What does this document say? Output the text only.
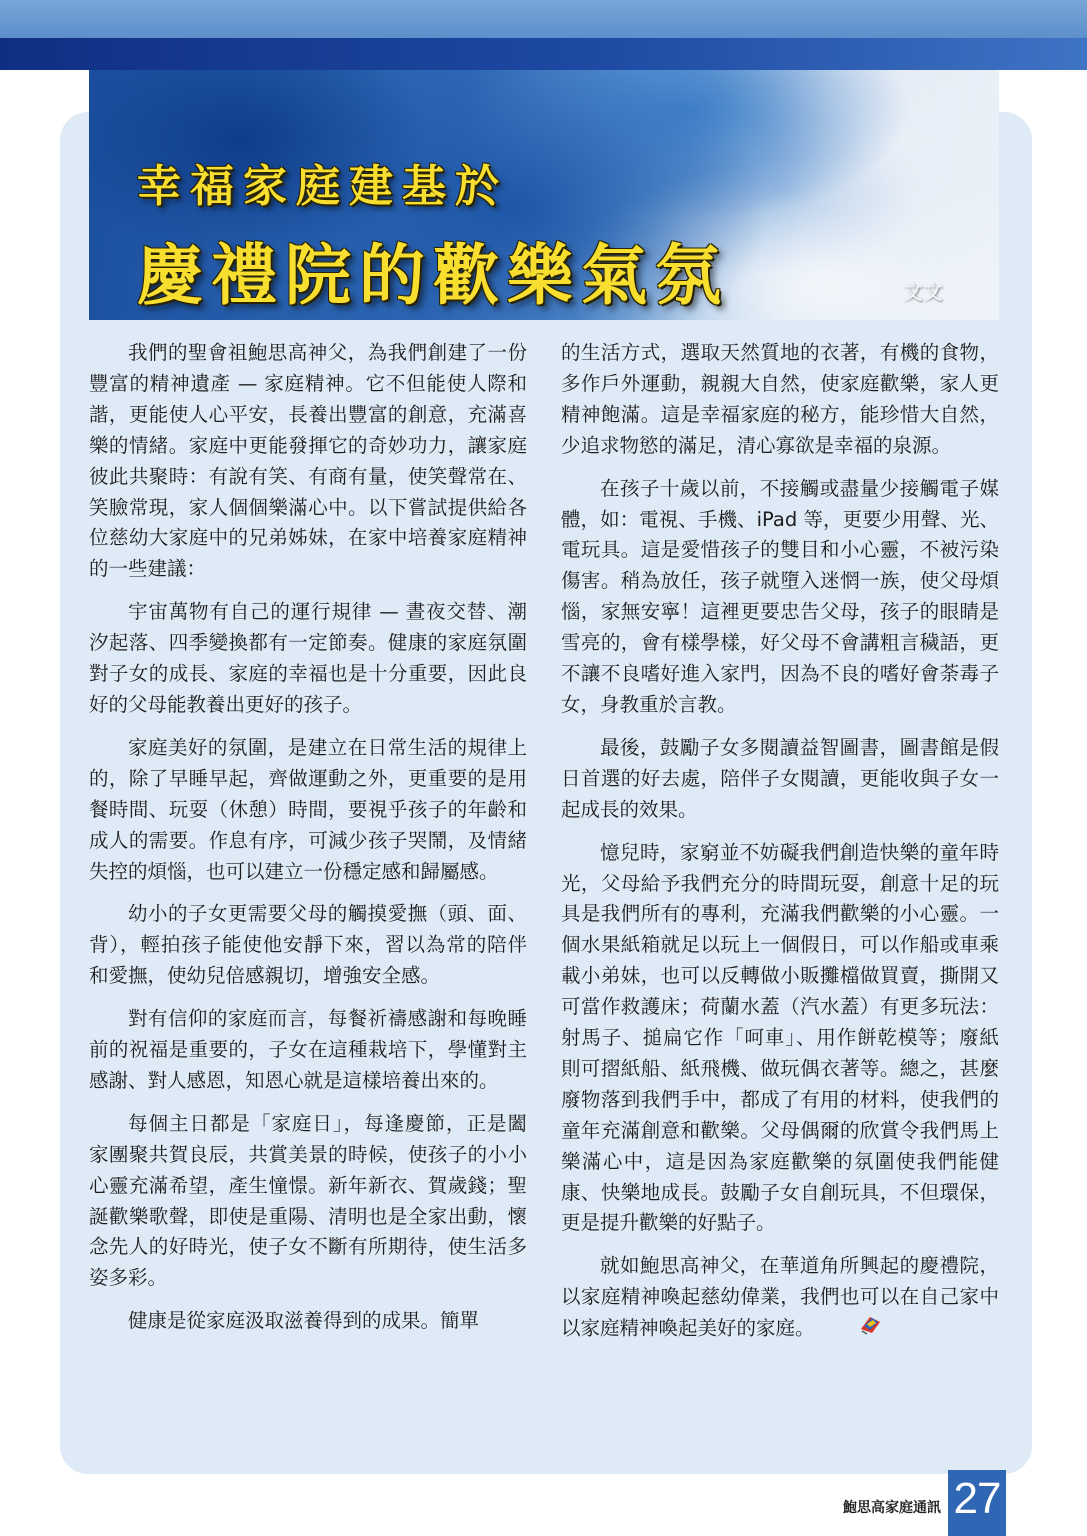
幸福家庭建基於
慶禮院的歡樂氣氛	文文

我們的聖會祖鮑思高神父，為我們創建了一份豐富的精神遺產 — 家庭精神。它不但能使人際和諧，更能使人心平安，長養出豐富的創意，充滿喜樂的情緒。家庭中更能發揮它的奇妙功力，讓家庭彼此共聚時：有說有笑、有商有量，使笑聲常在、笑臉常現，家人個個樂滿心中。以下嘗試提供給各位慈幼大家庭中的兄弟姊妹，在家中培養家庭精神的一些建議：

宇宙萬物有自己的運行規律 — 晝夜交替、潮汐起落、四季變換都有一定節奏。健康的家庭氛圍對子女的成長、家庭的幸福也是十分重要，因此良好的父母能教養出更好的孩子。

家庭美好的氛圍，是建立在日常生活的規律上的，除了早睡早起，齊做運動之外，更重要的是用餐時間、玩耍（休憩）時間，要視乎孩子的年齡和成人的需要。作息有序，可減少孩子哭鬧，及情緒失控的煩惱，也可以建立一份穩定感和歸屬感。

幼小的子女更需要父母的觸摸愛撫（頭、面、背），輕拍孩子能使他安靜下來，習以為常的陪伴和愛撫，使幼兒倍感親切，增強安全感。

對有信仰的家庭而言，每餐祈禱感謝和每晚睡前的祝福是重要的，子女在這種栽培下，學懂對主感謝、對人感恩，知恩心就是這樣培養出來的。

每個主日都是「家庭日」，每逢慶節，正是闔家團聚共賀良辰，共賞美景的時候，使孩子的小小心靈充滿希望，產生憧憬。新年新衣、賀歲錢；聖誕歡樂歌聲，即使是重陽、清明也是全家出動，懷念先人的好時光，使子女不斷有所期待，使生活多姿多彩。

健康是從家庭汲取滋養得到的成果。簡單

的生活方式，選取天然質地的衣著，有機的食物，多作戶外運動，親親大自然，使家庭歡樂，家人更精神飽滿。這是幸福家庭的秘方，能珍惜大自然，少追求物慾的滿足，清心寡欲是幸福的泉源。

在孩子十歲以前，不接觸或盡量少接觸電子媒體，如：電視、手機、iPad 等，更要少用聲、光、電玩具。這是愛惜孩子的雙目和小心靈，不被污染傷害。稍為放任，孩子就墮入迷惘一族，使父母煩惱，家無安寧！這裡更要忠告父母，孩子的眼睛是雪亮的，會有樣學樣，好父母不會講粗言穢語，更不讓不良嗜好進入家門，因為不良的嗜好會荼毒子女，身教重於言教。

最後，鼓勵子女多閱讀益智圖書，圖書館是假日首選的好去處，陪伴子女閱讀，更能收與子女一起成長的效果。

憶兒時，家窮並不妨礙我們創造快樂的童年時光，父母給予我們充分的時間玩耍，創意十足的玩具是我們所有的專利，充滿我們歡樂的小心靈。一個水果紙箱就足以玩上一個假日，可以作船或車乘載小弟妹，也可以反轉做小販攤檔做買賣，撕開又可當作救護床；荷蘭水蓋（汽水蓋）有更多玩法：射馬子、搥扁它作「呵車」、用作餅乾模等；廢紙則可摺紙船、紙飛機、做玩偶衣著等。總之，甚麼廢物落到我們手中，都成了有用的材料，使我們的童年充滿創意和歡樂。父母偶爾的欣賞令我們馬上樂滿心中，這是因為家庭歡樂的氛圍使我們能健康、快樂地成長。鼓勵子女自創玩具，不但環保，更是提升歡樂的好點子。

就如鮑思高神父，在華道角所興起的慶禮院，以家庭精神喚起慈幼偉業，我們也可以在自己家中以家庭精神喚起美好的家庭。

鮑思高家庭通訊 27
